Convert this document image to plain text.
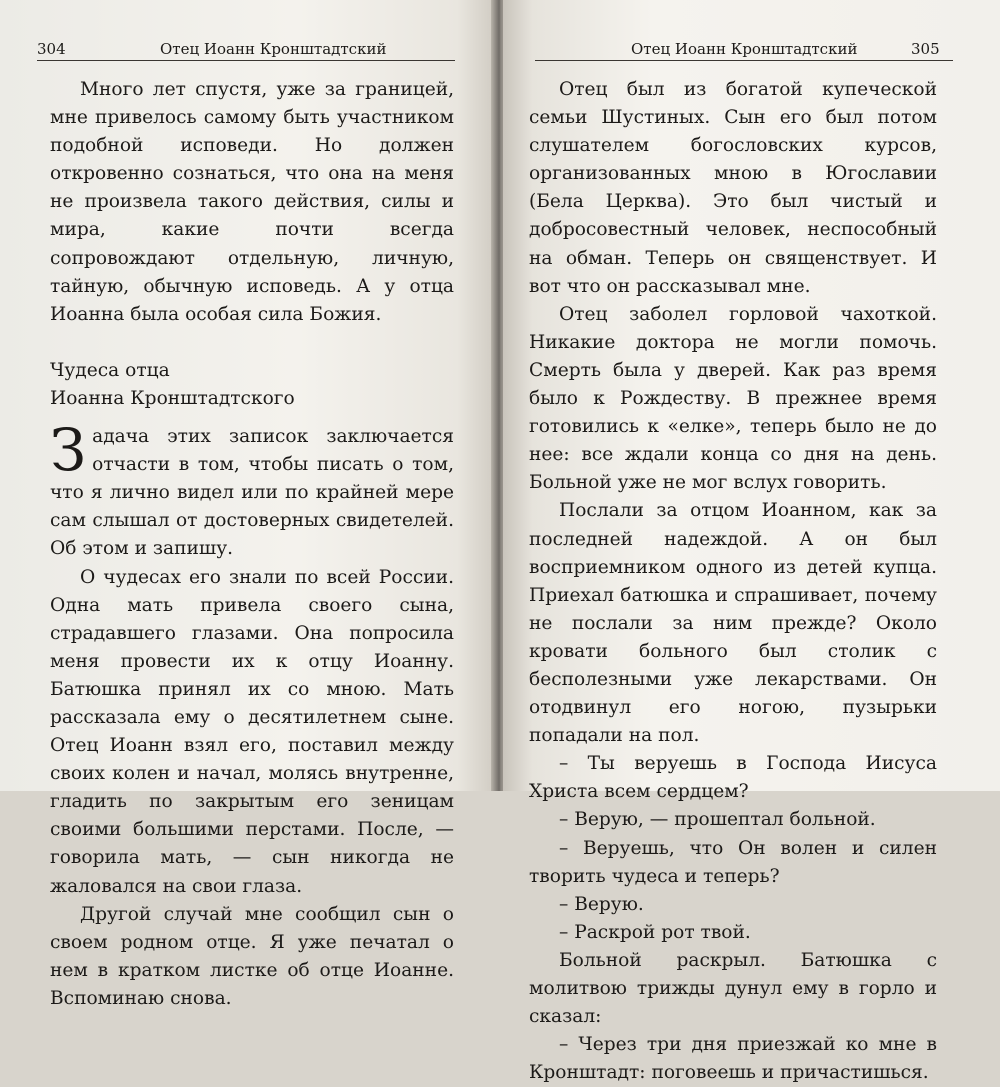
304	Отец Иоанн Кронштадтский

Много лет спустя, уже за границей, мне привелось самому быть участником подобной исповеди. Но должен откровенно сознаться, что она на меня не произвела такого действия, силы и мира, какие почти всегда сопровождают отдельную, личную, тайную, обычную исповедь. А у отца Иоанна была особая сила Божия.

Чудеса отца

Иоанна Кронштадтского

Задача этих записок заключается отчасти в том, чтобы писать о том, что я лично видел или по крайней мере сам слышал от достоверных свидетелей. Об этом и запишу.

О чудесах его знали по всей России. Одна мать привела своего сына, страдавшего глазами. Она попросила меня провести их к отцу Иоанну. Батюшка принял их со мною. Мать рассказала ему о десятилетнем сыне. Отец Иоанн взял его, поставил между своих колен и начал, молясь внутренне, гладить по закрытым его зеницам своими большими перстами. После, — говорила мать, — сын никогда не жаловался на свои глаза.

Другой случай мне сообщил сын о своем родном отце. Я уже печатал о нем в кратком листке об отце Иоанне. Вспоминаю снова.

Отец Иоанн Кронштадтский	305

Отец был из богатой купеческой семьи Шустиных. Сын его был потом слушателем богословских курсов, организованных мною в Югославии (Бела Церква). Это был чистый и добросовестный человек, неспособный на обман. Теперь он священствует. И вот что он рассказывал мне.

Отец заболел горловой чахоткой. Никакие доктора не могли помочь. Смерть была у дверей. Как раз время было к Рождеству. В прежнее время готовились к «елке», теперь было не до нее: все ждали конца со дня на день. Больной уже не мог вслух говорить.

Послали за отцом Иоанном, как за последней надеждой. А он был восприемником одного из детей купца. Приехал батюшка и спрашивает, почему не послали за ним прежде? Около кровати больного был столик с бесполезными уже лекарствами. Он отодвинул его ногою, пузырьки попадали на пол.

– Ты веруешь в Господа Иисуса Христа всем сердцем?

– Верую, — прошептал больной.

– Веруешь, что Он волен и силен творить чудеса и теперь?

– Верую.

– Раскрой рот твой.

Больной раскрыл. Батюшка с молитвою трижды дунул ему в горло и сказал:

– Через три дня приезжай ко мне в Кронштадт: поговеешь и причастишься.
